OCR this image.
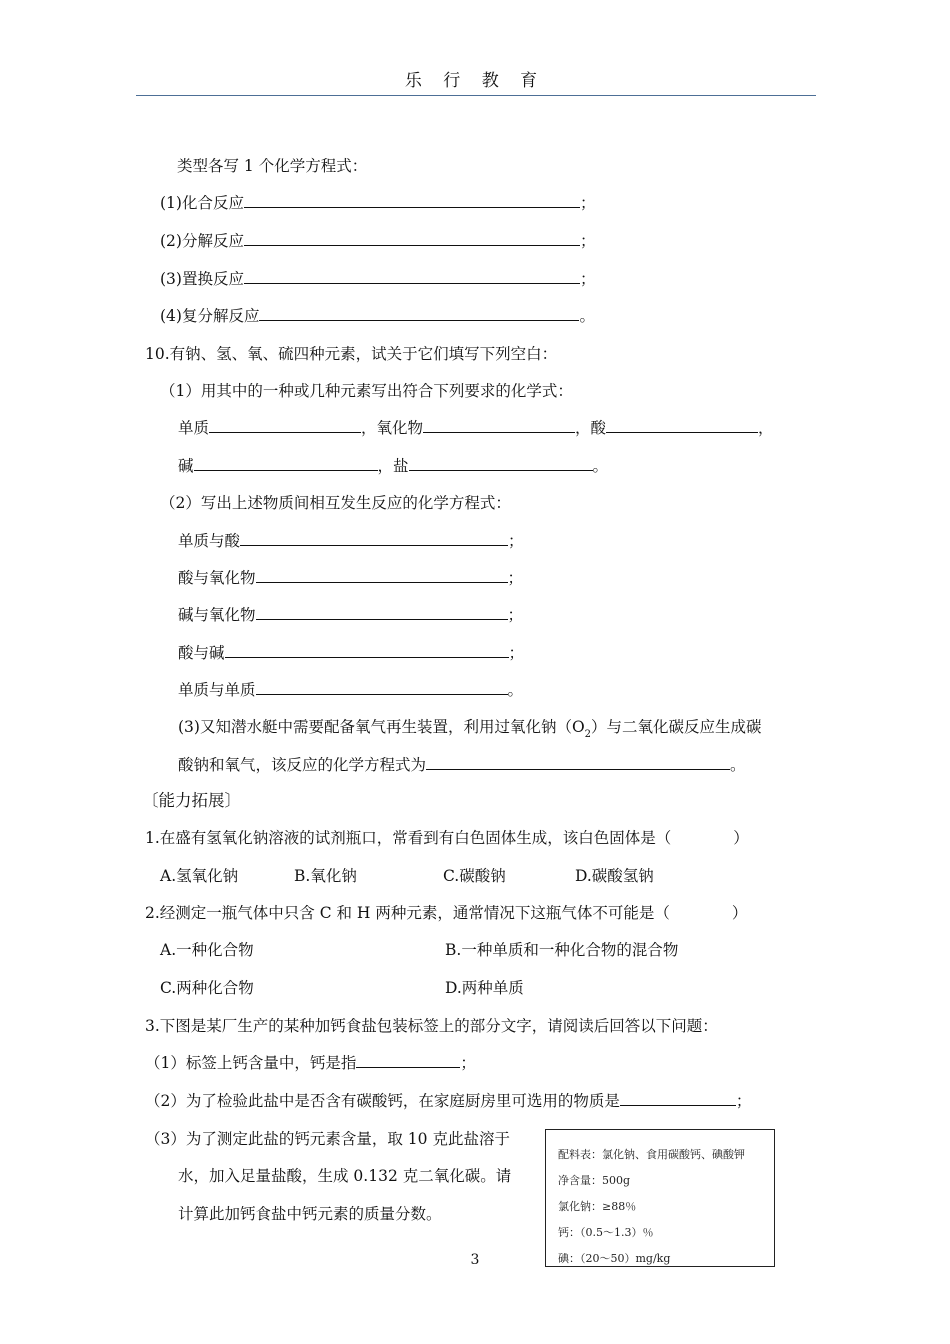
乐 行 教 育
类型各写 1 个化学方程式：
(1)化合反应	；
(2)分解反应	；
(3)置换反应	；
(4)复分解反应	。
10.有钠、氢、氧、硫四种元素，试关于它们填写下列空白：
（1）用其中的一种或几种元素写出符合下列要求的化学式：
单质	，氧化物	，酸	，
碱	，盐	。
（2）写出上述物质间相互发生反应的化学方程式：
单质与酸	；
酸与氧化物	；
碱与氧化物	；
酸与碱	；
单质与单质	。
(3)又知潜水艇中需要配备氧气再生装置，利用过氧化钠$(O_2)$与二氧化碳反应生成碳
酸钠和氧气，该反应的化学方程式为	。
〔能力拓展〕
1.在盛有氢氧化钠溶液的试剂瓶口，常看到有白色固体生成，该白色固体是（　　　　）
A.氢氧化钠	B.氧化钠	C.碳酸钠	D.碳酸氢钠
2.经测定一瓶气体中只含 C 和 H 两种元素，通常情况下这瓶气体不可能是（　　　　）
A.一种化合物	B.一种单质和一种化合物的混合物
C.两种化合物	D.两种单质
3.下图是某厂生产的某种加钙食盐包装标签上的部分文字，请阅读后回答以下问题：
（1）标签上钙含量中，钙是指	；
（2）为了检验此盐中是否含有碳酸钙，在家庭厨房里可选用的物质是	；
（3）为了测定此盐的钙元素含量，取 10 克此盐溶于
水，加入足量盐酸，生成 0.132 克二氧化碳。请
计算此加钙食盐中钙元素的质量分数。
配料表：氯化钠、食用碳酸钙、碘酸钾
净含量：500g
氯化钠：≥88％
钙：（0.5～1.3）％
碘：（20～50）mg/kg
3
